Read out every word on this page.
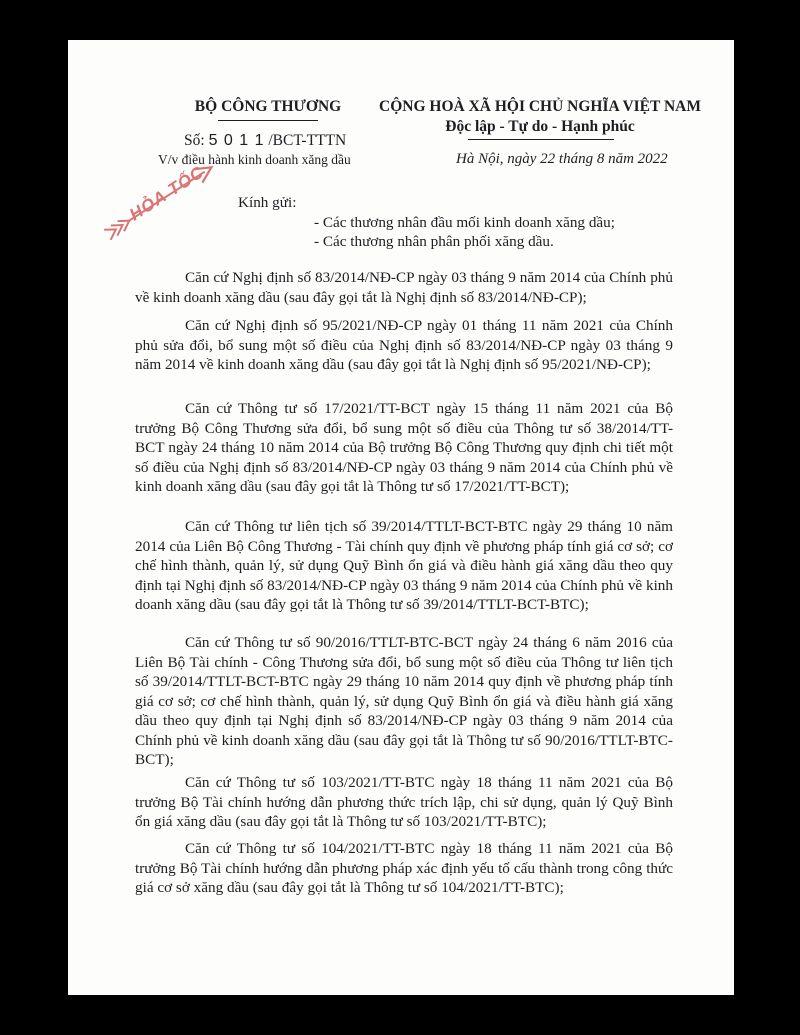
BỘ CÔNG THƯƠNG
Số: 5 0 1 1 /BCT-TTTN
V/v điều hành kinh doanh xăng dầu
CỘNG HOÀ XÃ HỘI CHỦ NGHĨA VIỆT NAM
Độc lập - Tự do - Hạnh phúc
Hà Nội, ngày 22 tháng 8 năm 2022
HỎA TỐC Kính gửi:
- Các thương nhân đầu mối kinh doanh xăng dầu;
- Các thương nhân phân phối xăng dầu.

Căn cứ Nghị định số 83/2014/NĐ-CP ngày 03 tháng 9 năm 2014 của Chính phủ về kinh doanh xăng dầu (sau đây gọi tắt là Nghị định số 83/2014/NĐ-CP);

Căn cứ Nghị định số 95/2021/NĐ-CP ngày 01 tháng 11 năm 2021 của Chính phủ sửa đổi, bổ sung một số điều của Nghị định số 83/2014/NĐ-CP ngày 03 tháng 9 năm 2014 về kinh doanh xăng dầu (sau đây gọi tắt là Nghị định số 95/2021/NĐ-CP);

Căn cứ Thông tư số 17/2021/TT-BCT ngày 15 tháng 11 năm 2021 của Bộ trưởng Bộ Công Thương sửa đổi, bổ sung một số điều của Thông tư số 38/2014/TT-BCT ngày 24 tháng 10 năm 2014 của Bộ trưởng Bộ Công Thương quy định chi tiết một số điều của Nghị định số 83/2014/NĐ-CP ngày 03 tháng 9 năm 2014 của Chính phủ về kinh doanh xăng dầu (sau đây gọi tắt là Thông tư số 17/2021/TT-BCT);

Căn cứ Thông tư liên tịch số 39/2014/TTLT-BCT-BTC ngày 29 tháng 10 năm 2014 của Liên Bộ Công Thương - Tài chính quy định về phương pháp tính giá cơ sở; cơ chế hình thành, quản lý, sử dụng Quỹ Bình ổn giá và điều hành giá xăng dầu theo quy định tại Nghị định số 83/2014/NĐ-CP ngày 03 tháng 9 năm 2014 của Chính phủ về kinh doanh xăng dầu (sau đây gọi tắt là Thông tư số 39/2014/TTLT-BCT-BTC);

Căn cứ Thông tư số 90/2016/TTLT-BTC-BCT ngày 24 tháng 6 năm 2016 của Liên Bộ Tài chính - Công Thương sửa đổi, bổ sung một số điều của Thông tư liên tịch số 39/2014/TTLT-BCT-BTC ngày 29 tháng 10 năm 2014 quy định về phương pháp tính giá cơ sở; cơ chế hình thành, quản lý, sử dụng Quỹ Bình ổn giá và điều hành giá xăng dầu theo quy định tại Nghị định số 83/2014/NĐ-CP ngày 03 tháng 9 năm 2014 của Chính phủ về kinh doanh xăng dầu (sau đây gọi tắt là Thông tư số 90/2016/TTLT-BTC-BCT);

Căn cứ Thông tư số 103/2021/TT-BTC ngày 18 tháng 11 năm 2021 của Bộ trưởng Bộ Tài chính hướng dẫn phương thức trích lập, chi sử dụng, quản lý Quỹ Bình ổn giá xăng dầu (sau đây gọi tắt là Thông tư số 103/2021/TT-BTC);

Căn cứ Thông tư số 104/2021/TT-BTC ngày 18 tháng 11 năm 2021 của Bộ trưởng Bộ Tài chính hướng dẫn phương pháp xác định yếu tố cấu thành trong công thức giá cơ sở xăng dầu (sau đây gọi tắt là Thông tư số 104/2021/TT-BTC);
